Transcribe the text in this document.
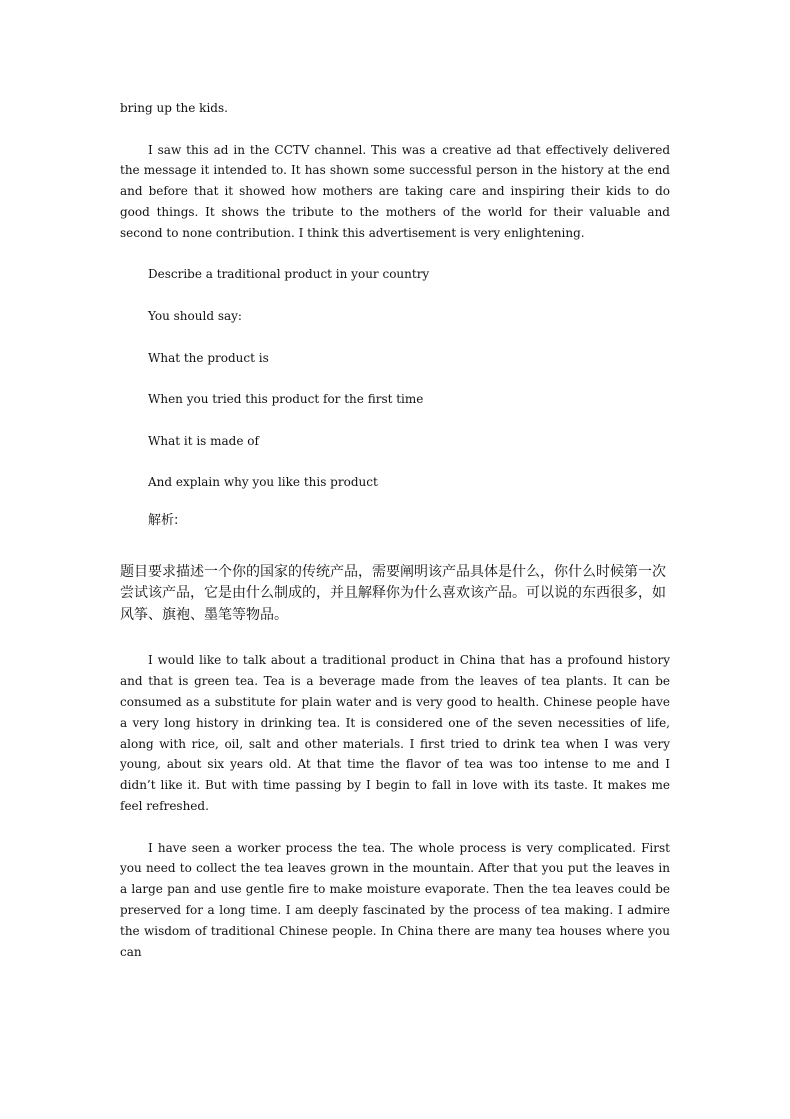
bring up the kids.

I saw this ad in the CCTV channel. This was a creative ad that effectively delivered the message it intended to. It has shown some successful person in the history at the end and before that it showed how mothers are taking care and inspiring their kids to do good things. It shows the tribute to the mothers of the world for their valuable and second to none contribution. I think this advertisement is very enlightening.

Describe a traditional product in your country

You should say:

What the product is

When you tried this product for the first time

What it is made of

And explain why you like this product

解析:

题目要求描述一个你的国家的传统产品，需要阐明该产品具体是什么，你什么时候第一次尝试该产品，它是由什么制成的，并且解释你为什么喜欢该产品。可以说的东西很多，如风筝、旗袍、墨笔等物品。

I would like to talk about a traditional product in China that has a profound history and that is green tea. Tea is a beverage made from the leaves of tea plants. It can be consumed as a substitute for plain water and is very good to health. Chinese people have a very long history in drinking tea. It is considered one of the seven necessities of life, along with rice, oil, salt and other materials. I first tried to drink tea when I was very young, about six years old. At that time the flavor of tea was too intense to me and I didn’t like it. But with time passing by I begin to fall in love with its taste. It makes me feel refreshed.

I have seen a worker process the tea. The whole process is very complicated. First you need to collect the tea leaves grown in the mountain. After that you put the leaves in a large pan and use gentle fire to make moisture evaporate. Then the tea leaves could be preserved for a long time. I am deeply fascinated by the process of tea making. I admire the wisdom of traditional Chinese people. In China there are many tea houses where you can
